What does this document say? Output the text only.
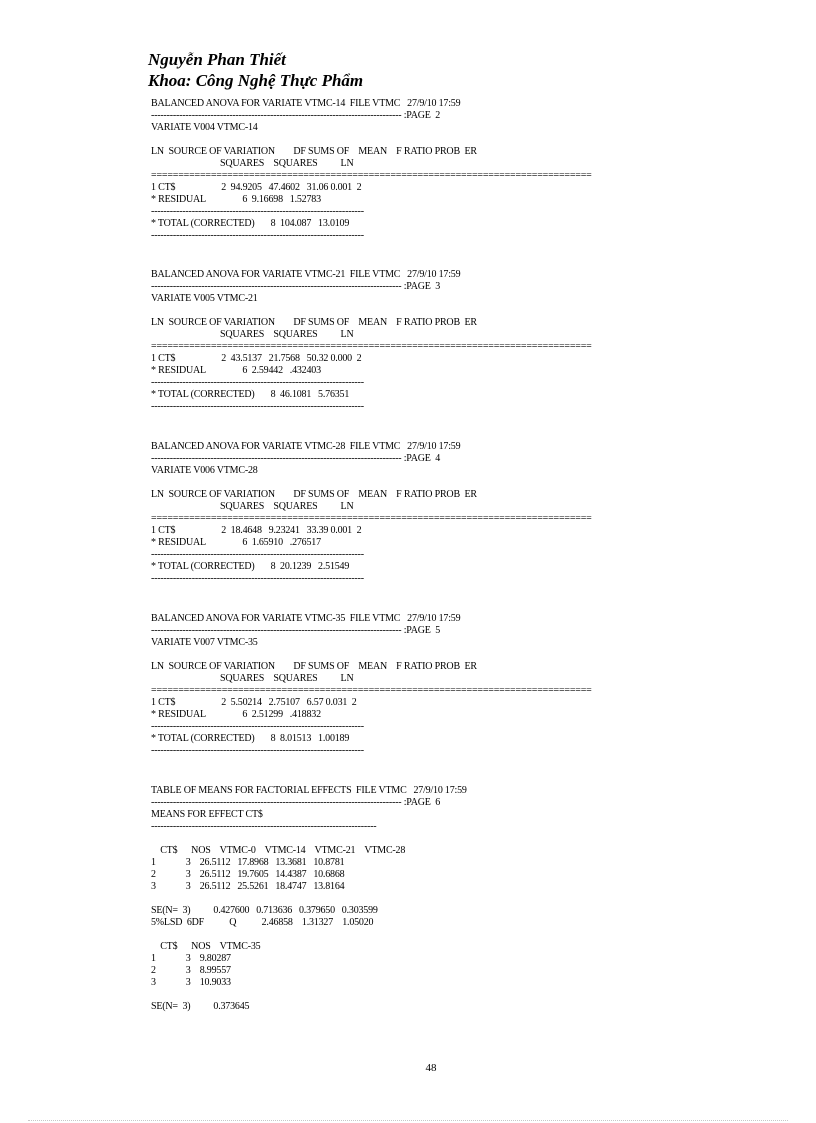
Nguyễn Phan Thiết
Khoa: Công Nghệ Thực Phẩm
BALANCED ANOVA FOR VARIATE VTMC-14  FILE VTMC   27/9/10 17:59
-------------------------------------------------------------------------------- :PAGE  2
VARIATE V004 VTMC-14
LN  SOURCE OF VARIATION        DF SUMS OF    MEAN    F RATIO PROB  ER
SQUARES    SQUARES          LN
=================================================================================
1 CT$                    2  94.9205   47.4602   31.06 0.001  2
* RESIDUAL                6  9.16698   1.52783
--------------------------------------------------------------------
* TOTAL (CORRECTED)       8  104.087   13.0109
--------------------------------------------------------------------
BALANCED ANOVA FOR VARIATE VTMC-21  FILE VTMC   27/9/10 17:59
-------------------------------------------------------------------------------- :PAGE  3
VARIATE V005 VTMC-21
LN  SOURCE OF VARIATION        DF SUMS OF    MEAN    F RATIO PROB  ER
SQUARES    SQUARES          LN
=================================================================================
1 CT$                    2  43.5137   21.7568   50.32 0.000  2
* RESIDUAL                6  2.59442   .432403
--------------------------------------------------------------------
* TOTAL (CORRECTED)       8  46.1081   5.76351
--------------------------------------------------------------------
BALANCED ANOVA FOR VARIATE VTMC-28  FILE VTMC   27/9/10 17:59
-------------------------------------------------------------------------------- :PAGE  4
VARIATE V006 VTMC-28
LN  SOURCE OF VARIATION        DF SUMS OF    MEAN    F RATIO PROB  ER
SQUARES    SQUARES          LN
=================================================================================
1 CT$                    2  18.4648   9.23241   33.39 0.001  2
* RESIDUAL                6  1.65910   .276517
--------------------------------------------------------------------
* TOTAL (CORRECTED)       8  20.1239   2.51549
--------------------------------------------------------------------
BALANCED ANOVA FOR VARIATE VTMC-35  FILE VTMC   27/9/10 17:59
-------------------------------------------------------------------------------- :PAGE  5
VARIATE V007 VTMC-35
LN  SOURCE OF VARIATION        DF SUMS OF    MEAN    F RATIO PROB  ER
SQUARES    SQUARES          LN
=================================================================================
1 CT$                    2  5.50214   2.75107   6.57 0.031  2
* RESIDUAL                6  2.51299   .418832
--------------------------------------------------------------------
* TOTAL (CORRECTED)       8  8.01513   1.00189
--------------------------------------------------------------------
TABLE OF MEANS FOR FACTORIAL EFFECTS  FILE VTMC   27/9/10 17:59
-------------------------------------------------------------------------------- :PAGE  6
MEANS FOR EFFECT CT$
------------------------------------------------------------------------
CT$      NOS    VTMC-0    VTMC-14    VTMC-21    VTMC-28
1             3    26.5112   17.8968   13.3681   10.8781
2             3    26.5112   19.7605   14.4387   10.6868
3             3    26.5112   25.5261   18.4747   13.8164
SE(N=  3)          0.427600   0.713636   0.379650   0.303599
5%LSD  6DF           Q           2.46858    1.31327    1.05020
CT$      NOS    VTMC-35
1             3    9.80287
2             3    8.99557
3             3    10.9033
SE(N=  3)          0.373645
48
